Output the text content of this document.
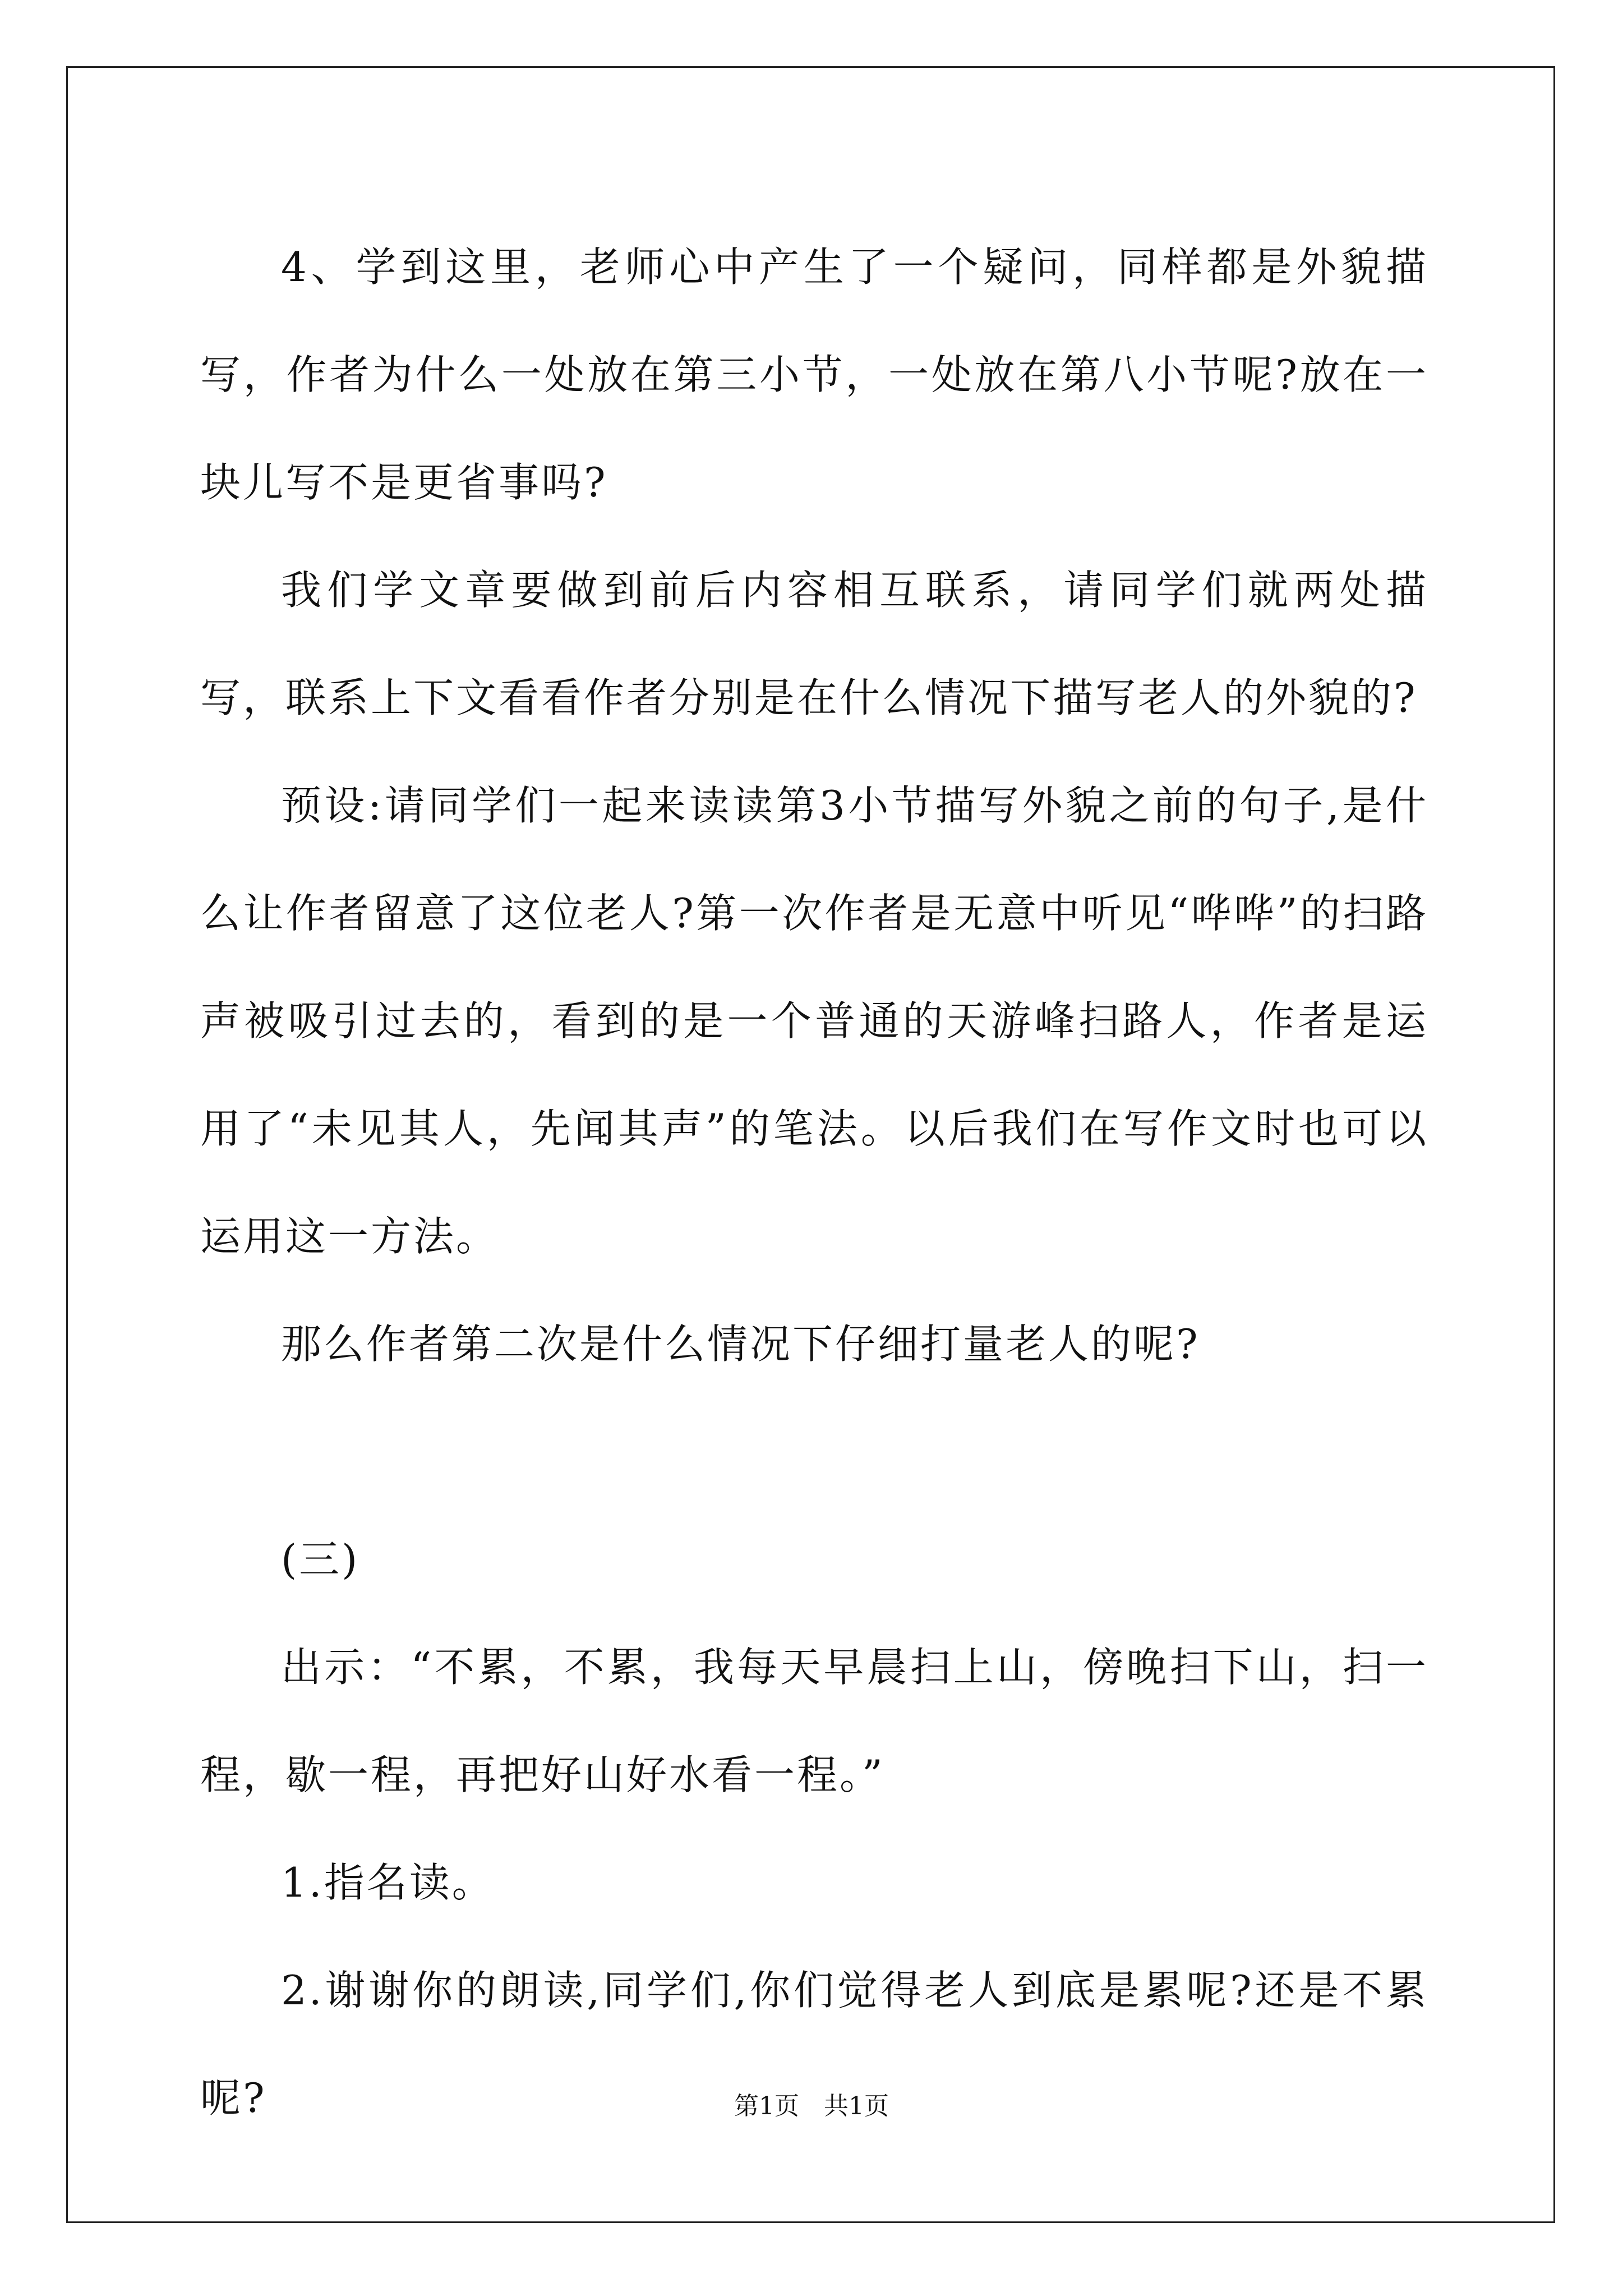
4、学到这里，老师心中产生了一个疑问，同样都是外貌描写，作者为什么一处放在第三小节，一处放在第八小节呢?放在一块儿写不是更省事吗?

我们学文章要做到前后内容相互联系，请同学们就两处描写，联系上下文看看作者分别是在什么情况下描写老人的外貌的?

预设:请同学们一起来读读第3小节描写外貌之前的句子,是什么让作者留意了这位老人?第一次作者是无意中听见“哗哗”的扫路声被吸引过去的，看到的是一个普通的天游峰扫路人，作者是运用了“未见其人，先闻其声”的笔法。以后我们在写作文时也可以运用这一方法。

那么作者第二次是什么情况下仔细打量老人的呢?

(三)

出示：“不累，不累，我每天早晨扫上山，傍晚扫下山，扫一程，歇一程，再把好山好水看一程。”

1.指名读。

2.谢谢你的朗读,同学们,你们觉得老人到底是累呢?还是不累呢?	第1页 共1页
